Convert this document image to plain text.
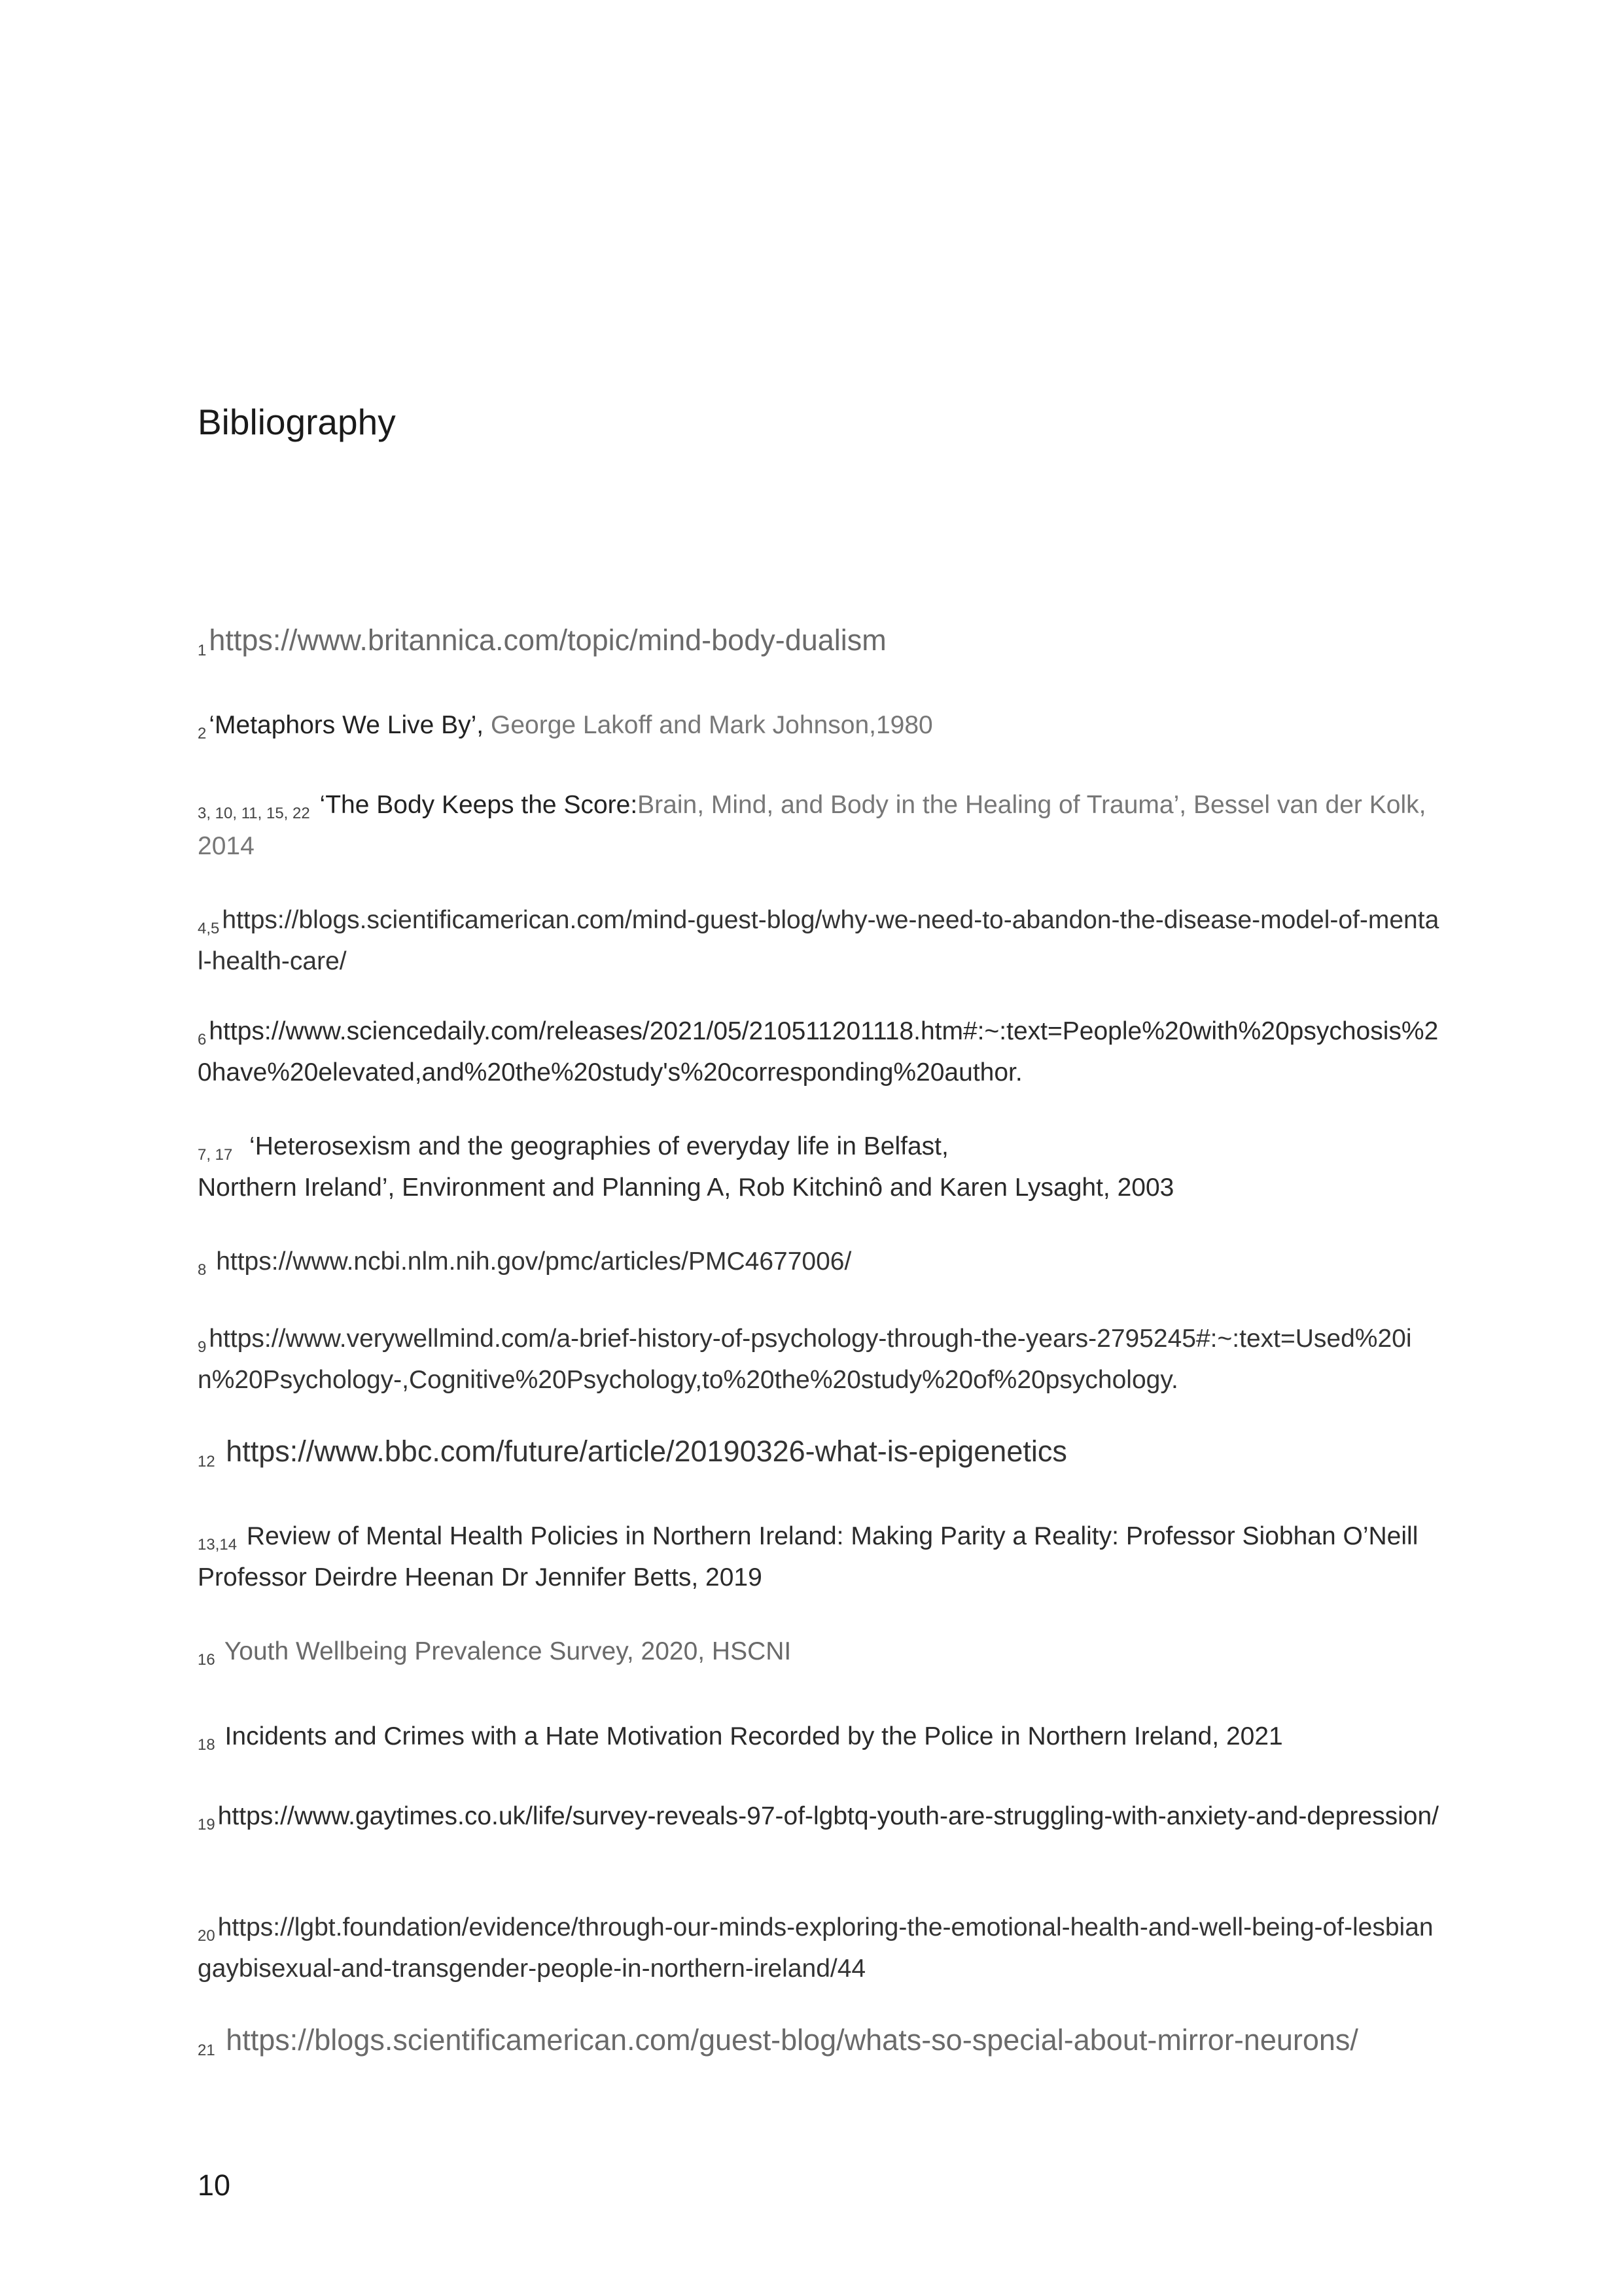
Bibliography

1https://www.britannica.com/topic/mind-body-dualism

$_2$ ‘Metaphors We Live By’, George Lakoff and Mark Johnson,1980

$_{3, 10, 11, 15, 22}$ ‘The Body Keeps the Score:Brain, Mind, and Body in the Healing of Trauma’, Bessel van der Kolk, 2014

$_{4,5}$ https://blogs.scientificamerican.com/mind-guest-blog/why-we-need-to-abandon-the-disease-model-of-mental-health-care/

$_6$ https://www.sciencedaily.com/releases/2021/05/210511201118.htm#:~:text=People%20with%20psychosis%20have%20elevated,and%20the%20study's%20corresponding%20author.

$_{7, 17}$  ‘Heterosexism and the geographies of everyday life in Belfast,
Northern Ireland’, Environment and Planning A, Rob Kitchinô and Karen Lysaght, 2003

$_8$ https://www.ncbi.nlm.nih.gov/pmc/articles/PMC4677006/

$_9$ https://www.verywellmind.com/a-brief-history-of-psychology-through-the-years-2795245#:~:text=Used%20in%20Psychology-,Cognitive%20Psychology,to%20the%20study%20of%20psychology.

12 https://www.bbc.com/future/article/20190326-what-is-epigenetics

$_{13,14}$ Review of Mental Health Policies in Northern Ireland: Making Parity a Reality: Professor Siobhan O’Neill Professor Deirdre Heenan Dr Jennifer Betts, 2019

$_{16}$ Youth Wellbeing Prevalence Survey, 2020, HSCNI

$_{18}$ Incidents and Crimes with a Hate Motivation Recorded by the Police in Northern Ireland, 2021

$_{19}$ https://www.gaytimes.co.uk/life/survey-reveals-97-of-lgbtq-youth-are-struggling-with-anxiety-and-depression/

$_{20}$ https://lgbt.foundation/evidence/through-our-minds-exploring-the-emotional-health-and-well-being-of-lesbiangaybisexual-and-transgender-people-in-northern-ireland/44

21 https://blogs.scientificamerican.com/guest-blog/whats-so-special-about-mirror-neurons/

10
